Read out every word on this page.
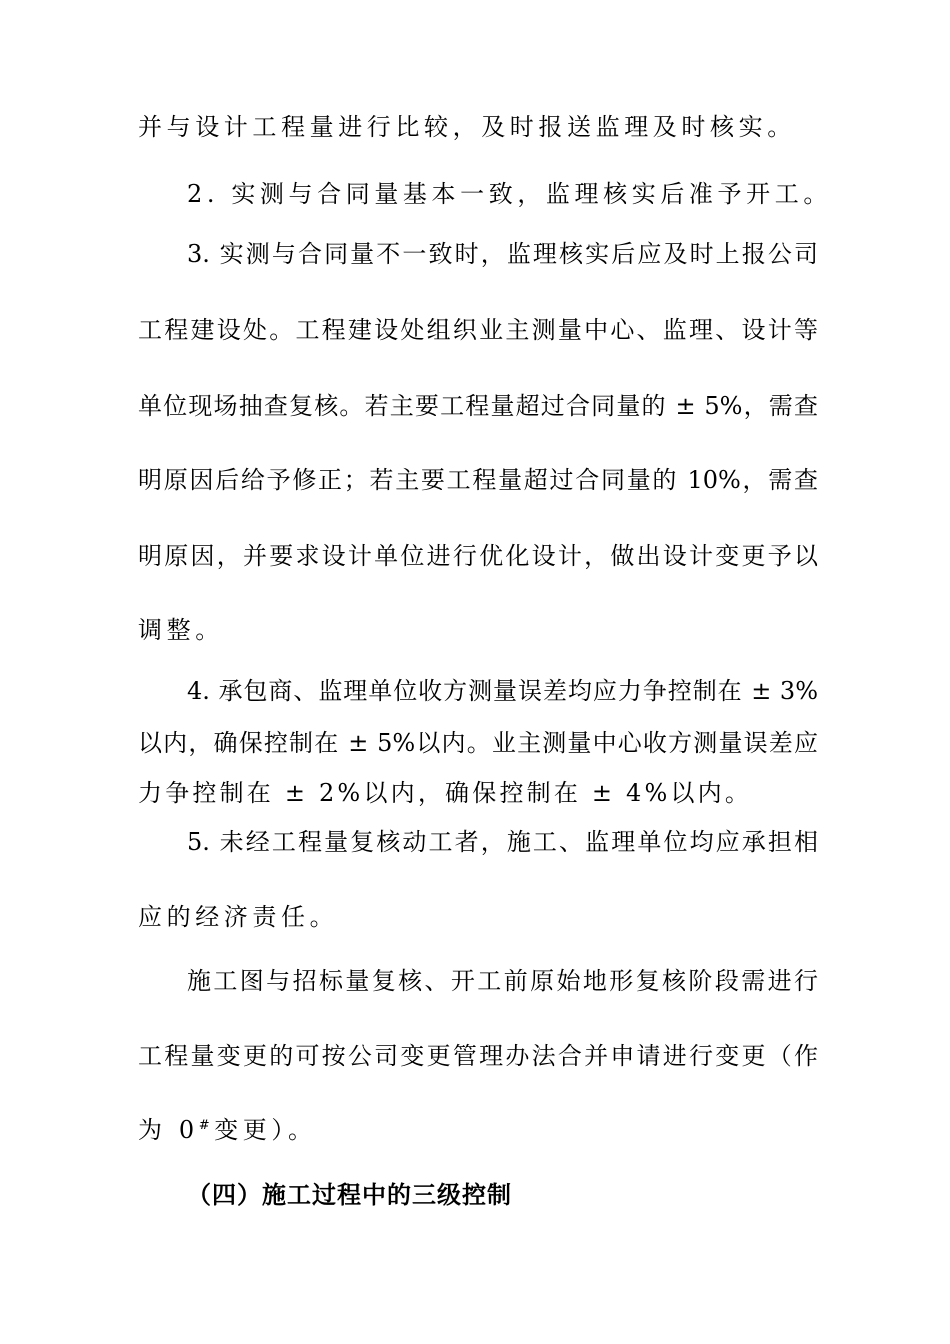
并与设计工程量进行比较，及时报送监理及时核实。
2. 实测与合同量基本一致，监理核实后准予开工。
3. 实测与合同量不一致时，监理核实后应及时上报公司
工程建设处。工程建设处组织业主测量中心、监理、设计等
单位现场抽查复核。若主要工程量超过合同量的 ± 5%，需查
明原因后给予修正；若主要工程量超过合同量的 10%，需查
明原因，并要求设计单位进行优化设计，做出设计变更予以
调整。
4. 承包商、监理单位收方测量误差均应力争控制在 ± 3%
以内，确保控制在 ± 5%以内。业主测量中心收方测量误差应
力争控制在 ± 2%以内，确保控制在 ± 4%以内。
5. 未经工程量复核动工者，施工、监理单位均应承担相
应的经济责任。
施工图与招标量复核、开工前原始地形复核阶段需进行
工程量变更的可按公司变更管理办法合并申请进行变更（作
为 0#变更）。
（四）施工过程中的三级控制
